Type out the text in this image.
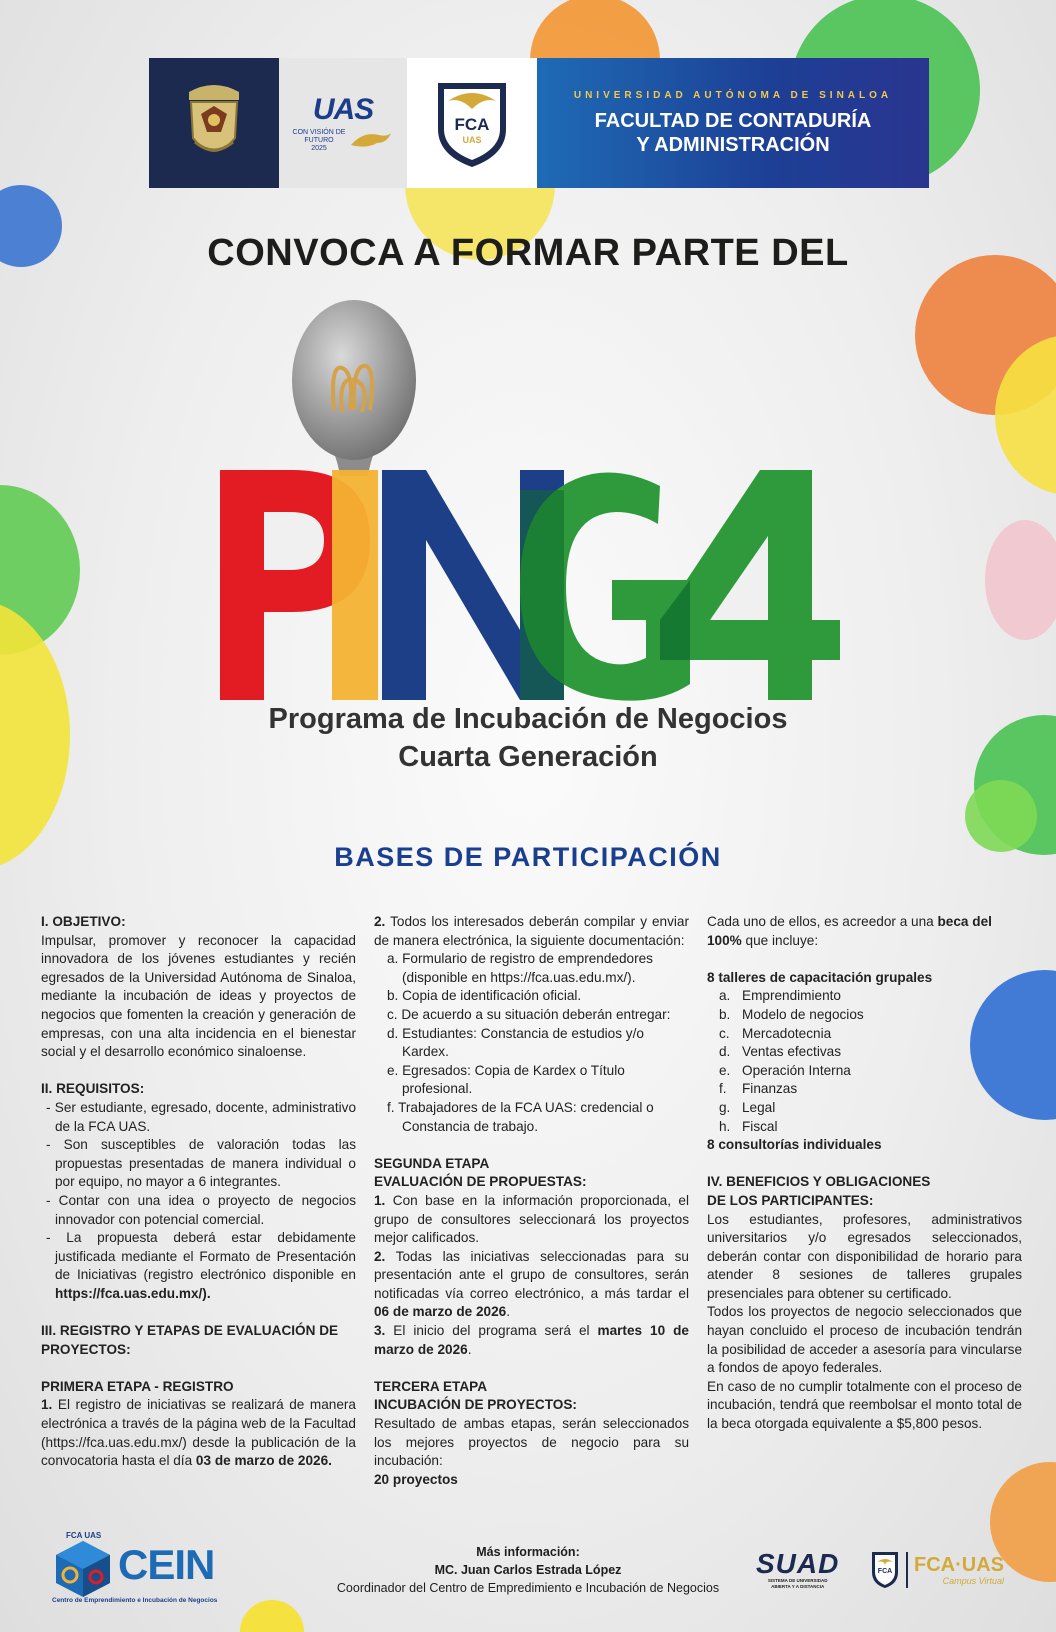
UAS
CON VISIÓN DE
FUTURO
2025
FCA
UAS
UNIVERSIDAD AUTÓNOMA DE SINALOA
FACULTAD DE CONTADURÍA
Y ADMINISTRACIÓN
CONVOCA A FORMAR PARTE DEL
Programa de Incubación de Negocios
Cuarta Generación
BASES DE PARTICIPACIÓN
I. OBJETIVO:
Impulsar, promover y reconocer la capacidad innovadora de los jóvenes estudiantes y recién egresados de la Universidad Autónoma de Sinaloa, mediante la incubación de ideas y proyectos de negocios que fomenten la creación y generación de empresas, con una alta incidencia en el bienestar social y el desarrollo económico sinaloense.
II. REQUISITOS:
- Ser estudiante, egresado, docente, administrativo de la FCA UAS.
- Son susceptibles de valoración todas las propuestas presentadas de manera individual o por equipo, no mayor a 6 integrantes.
- Contar con una idea o proyecto de negocios innovador con potencial comercial.
- La propuesta deberá estar debidamente justificada mediante el Formato de Presentación de Iniciativas (registro electrónico disponible en https://fca.uas.edu.mx/).
III. REGISTRO Y ETAPAS DE EVALUACIÓN DE PROYECTOS:
PRIMERA ETAPA - REGISTRO
1. El registro de iniciativas se realizará de manera electrónica a través de la página web de la Facultad (https://fca.uas.edu.mx/) desde la publicación de la convocatoria hasta el día 03 de marzo de 2026.
2. Todos los interesados deberán compilar y enviar de manera electrónica, la siguiente documentación:
a. Formulario de registro de emprendedores (disponible en https://fca.uas.edu.mx/).
b. Copia de identificación oficial.
c. De acuerdo a su situación deberán entregar:
d. Estudiantes: Constancia de estudios y/o Kardex.
e. Egresados: Copia de Kardex o Título profesional.
f. Trabajadores de la FCA UAS: credencial o Constancia de trabajo.
SEGUNDA ETAPA
EVALUACIÓN DE PROPUESTAS:
1. Con base en la información proporcionada, el grupo de consultores seleccionará los proyectos mejor calificados.
2. Todas las iniciativas seleccionadas para su presentación ante el grupo de consultores, serán notificadas vía correo electrónico, a más tardar el 06 de marzo de 2026.
3. El inicio del programa será el martes 10 de marzo de 2026.
TERCERA ETAPA
INCUBACIÓN DE PROYECTOS:
Resultado de ambas etapas, serán seleccionados los mejores proyectos de negocio para su incubación:
20 proyectos
Cada uno de ellos, es acreedor a una beca del 100% que incluye:
8 talleres de capacitación grupales
a. Emprendimiento
b. Modelo de negocios
c. Mercadotecnia
d. Ventas efectivas
e. Operación Interna
f.	Finanzas
g. Legal
h. Fiscal
8 consultorías individuales
IV. BENEFICIOS Y OBLIGACIONES
DE LOS PARTICIPANTES:
Los estudiantes, profesores, administrativos universitarios y/o egresados seleccionados, deberán contar con disponibilidad de horario para atender 8 sesiones de talleres grupales presenciales para obtener su certificado.
Todos los proyectos de negocio seleccionados que hayan concluido el proceso de incubación tendrán la posibilidad de acceder a asesoría para vincularse a fondos de apoyo federales.
En caso de no cumplir totalmente con el proceso de incubación, tendrá que reembolsar el monto total de la beca otorgada equivalente a $5,800 pesos.
FCA UAS
CEIN
Centro de Emprendimiento e Incubación de Negocios
Más información:
MC. Juan Carlos Estrada López
Coordinador del Centro de Empredimiento e Incubación de Negocios
SUAD
SISTEMA DE UNIVERSIDAD
ABIERTA Y A DISTANCIA
FCA	FCA·UAS
Campus Virtual
